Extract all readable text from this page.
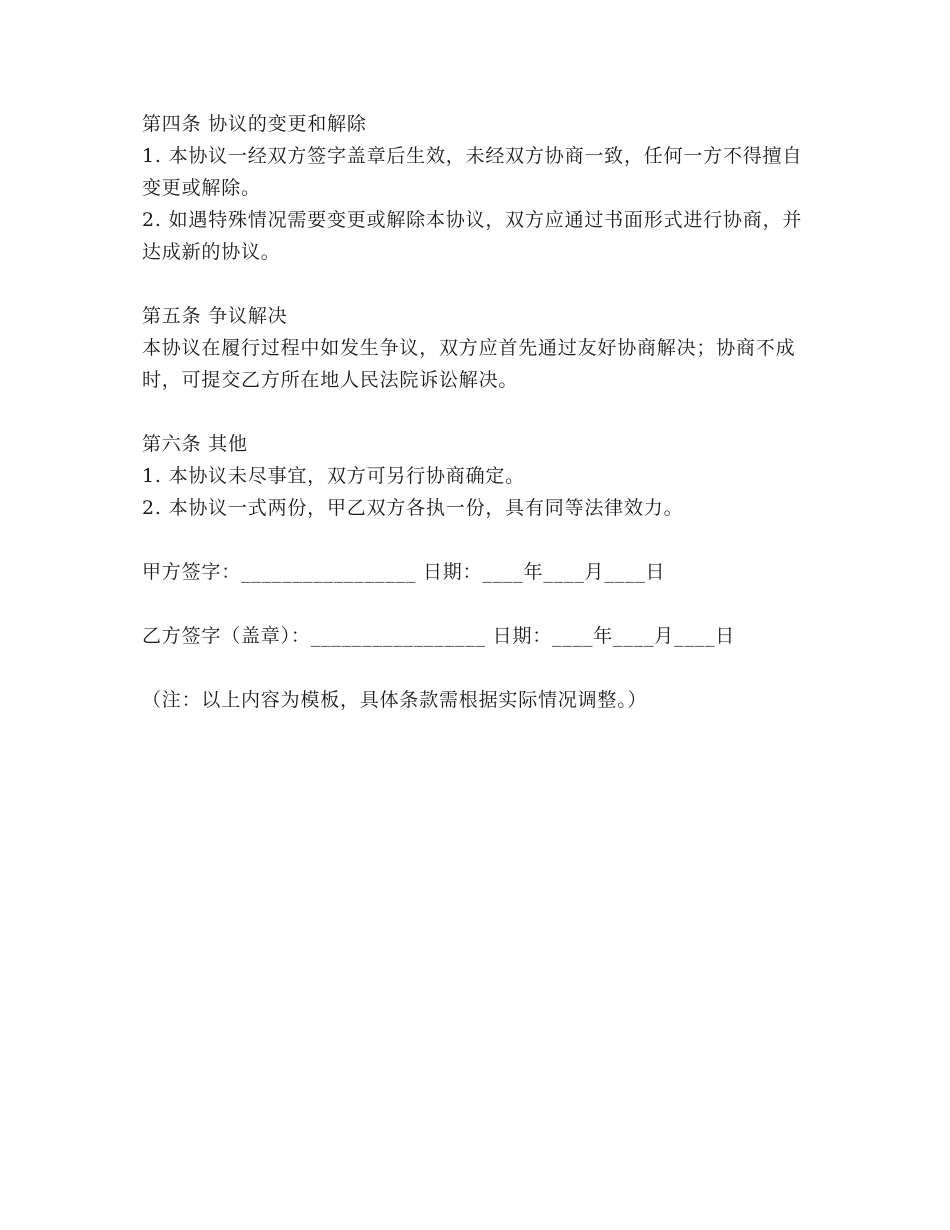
第四条 协议的变更和解除

1. 本协议一经双方签字盖章后生效，未经双方协商一致，任何一方不得擅自变更或解除。

2. 如遇特殊情况需要变更或解除本协议，双方应通过书面形式进行协商，并达成新的协议。

第五条 争议解决

本协议在履行过程中如发生争议，双方应首先通过友好协商解决；协商不成时，可提交乙方所在地人民法院诉讼解决。

第六条 其他

1. 本协议未尽事宜，双方可另行协商确定。

2. 本协议一式两份，甲乙双方各执一份，具有同等法律效力。

甲方签字：_________________ 日期：____年____月____日

乙方签字（盖章）：_________________ 日期：____年____月____日

（注：以上内容为模板，具体条款需根据实际情况调整。）
